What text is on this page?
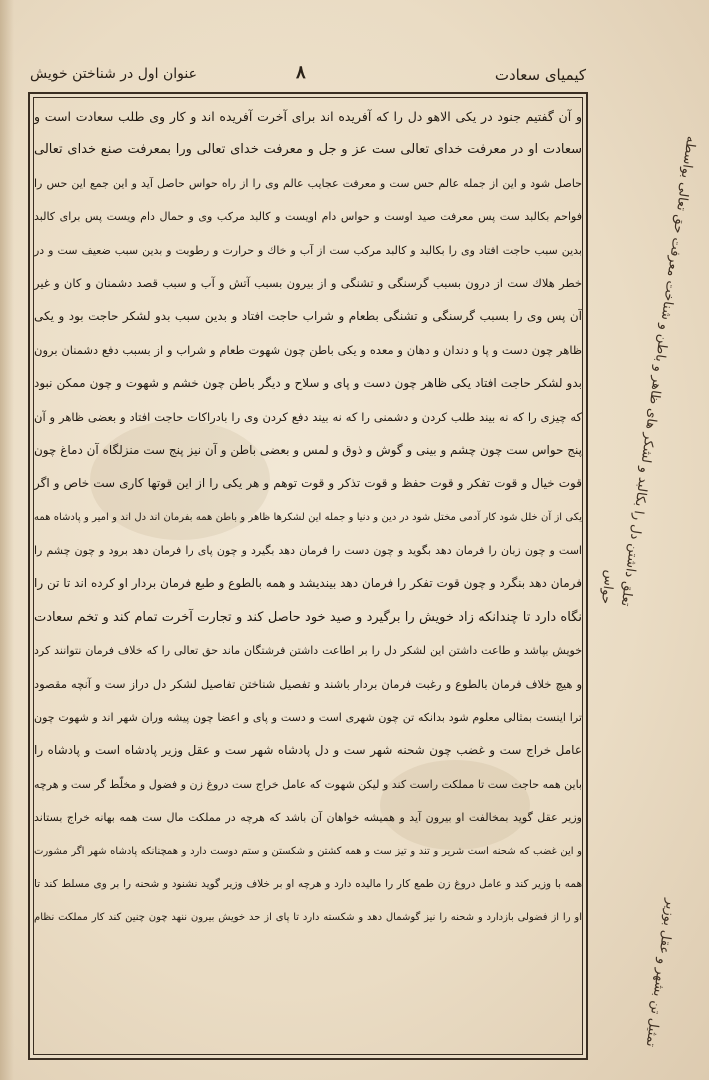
كيمياى سعادت
٨
عنوان اول در شناختن خويش
و آن گفتيم جنود در يكى الاهو دل را كه آفريده اند براى آخرت آفريده اند و كار وى طلب سعادت است و
سعادت او در معرفت خداى تعالى ست عز و جل و معرفت خداى تعالى ورا بمعرفت صنع خداى تعالى
حاصل شود و اين از جمله عالم حس ست و معرفت عجايب عالم وى را از راه حواس حاصل آيد و اين جمع اين حس را
فواحم بكالبد ست پس معرفت صيد اوست و حواس دام اويست و كالبد مركب وى و حمال دام ويست پس براى كالبد
بدين سبب حاجت افتاد وى را بكالبد و كالبد مركب ست از آب و خاك و حرارت و رطوبت و بدين سبب ضعيف ست و در
خطر هلاك ست از درون بسبب گرسنگى و تشنگى و از بيرون بسبب آتش و آب و سبب قصد دشمنان و كان و غير
آن پس وى را بسبب گرسنگى و تشنگى بطعام و شراب حاجت افتاد و بدين سبب بدو لشكر حاجت بود و يكى
ظاهر چون دست و پا و دندان و دهان و معده و يكى باطن چون شهوت طعام و شراب و از بسبب دفع دشمنان برون
بدو لشكر حاجت افتاد يكى ظاهر چون دست و پاى و سلاح و ديگر باطن چون خشم و شهوت و چون ممكن نبود
كه چيزى را كه نه بيند طلب كردن و دشمنى را كه نه بيند دفع كردن وى را بادراكات حاجت افتاد و بعضى ظاهر و آن
پنج حواس ست چون چشم و بينى و گوش و ذوق و لمس و بعضى باطن و آن نيز پنج ست منزلگاه آن دماغ چون
قوت خيال و قوت تفكر و قوت حفظ و قوت تذكر و قوت توهم و هر يكى را از اين قوتها كارى ست خاص و اگر
يكى از آن خلل شود كار آدمى مختل شود در دين و دنيا و جمله اين لشكرها ظاهر و باطن همه بفرمان اند دل اند و امير و پادشاه همه
است و چون زبان را فرمان دهد بگويد و چون دست را فرمان دهد بگيرد و چون پاى را فرمان دهد برود و چون چشم را
فرمان دهد بنگرد و چون قوت تفكر را فرمان دهد بينديشد و همه بالطوع و طبع فرمان بردار او كرده اند تا تن را
نگاه دارد تا چندانكه زاد خويش را برگيرد و صيد خود حاصل كند و تجارت آخرت تمام كند و تخم سعادت
خويش بپاشد و طاعت داشتن اين لشكر دل را بر اطاعت داشتن فرشتگان ماند حق تعالى را كه خلاف فرمان نتوانند كرد
و هيچ خلاف فرمان بالطوع و رغبت فرمان بردار باشند و تفصيل شناختن تفاصيل لشكر دل دراز ست و آنچه مقصود
ترا اينست بمثالى معلوم شود بدانكه تن چون شهرى است و دست و پاى و اعضا چون پيشه وران شهر اند و شهوت چون
عامل خراج ست و غضب چون شحنه شهر ست و دل پادشاه شهر ست و عقل وزير پادشاه است و پادشاه را
باين همه حاجت ست تا مملكت راست كند و ليكن شهوت كه عامل خراج ست دروغ زن و فضول و مخلّط گر ست و هرچه
وزير عقل گويد بمخالفت او بيرون آيد و هميشه خواهان آن باشد كه هرچه در مملكت مال ست همه بهانه خراج بستاند
و اين غضب كه شحنه است شرير و تند و تيز ست و همه كشتن و شكستن و ستم دوست دارد و همچنانكه پادشاه شهر اگر مشورت
همه با وزير كند و عامل دروغ زن طمع كار را ماليده دارد و هرچه او بر خلاف وزير گويد نشنود و شحنه را بر وى مسلط كند تا
او را از فضولى بازدارد و شحنه را نيز گوشمال دهد و شكسته دارد تا پاى از حد خويش بيرون ننهد چون چنين كند كار مملكت نظام
تعلق داشتن دل را بكالبد و لشكر هاى ظاهر و باطن و شناخت معرفت حق تعالى بواسطه حواس
تمثيل تن بشهر و عقل بوزير
